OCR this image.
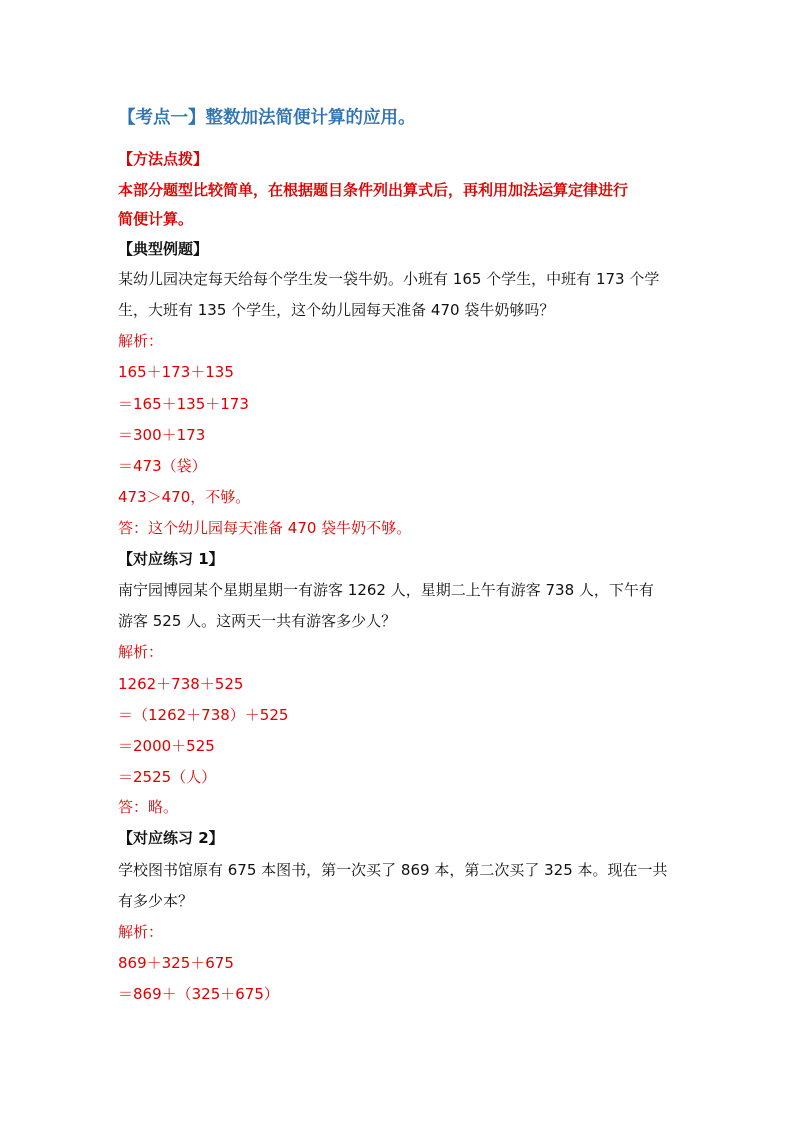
【考点一】整数加法简便计算的应用。
【方法点拨】
本部分题型比较简单，在根据题目条件列出算式后，再利用加法运算定律进行
简便计算。
【典型例题】
某幼儿园决定每天给每个学生发一袋牛奶。小班有 165 个学生，中班有 173 个学
生，大班有 135 个学生，这个幼儿园每天准备 470 袋牛奶够吗？
解析：
165＋173＋135
＝165＋135＋173
＝300＋173
＝473（袋）
473＞470，不够。
答：这个幼儿园每天准备 470 袋牛奶不够。
【对应练习 1】
南宁园博园某个星期星期一有游客 1262 人，星期二上午有游客 738 人，下午有
游客 525 人。这两天一共有游客多少人？
解析：
1262＋738＋525
＝（1262＋738）＋525
＝2000＋525
＝2525（人）
答：略。
【对应练习 2】
学校图书馆原有 675 本图书，第一次买了 869 本，第二次买了 325 本。现在一共
有多少本？
解析：
869＋325＋675
＝869＋（325＋675）
